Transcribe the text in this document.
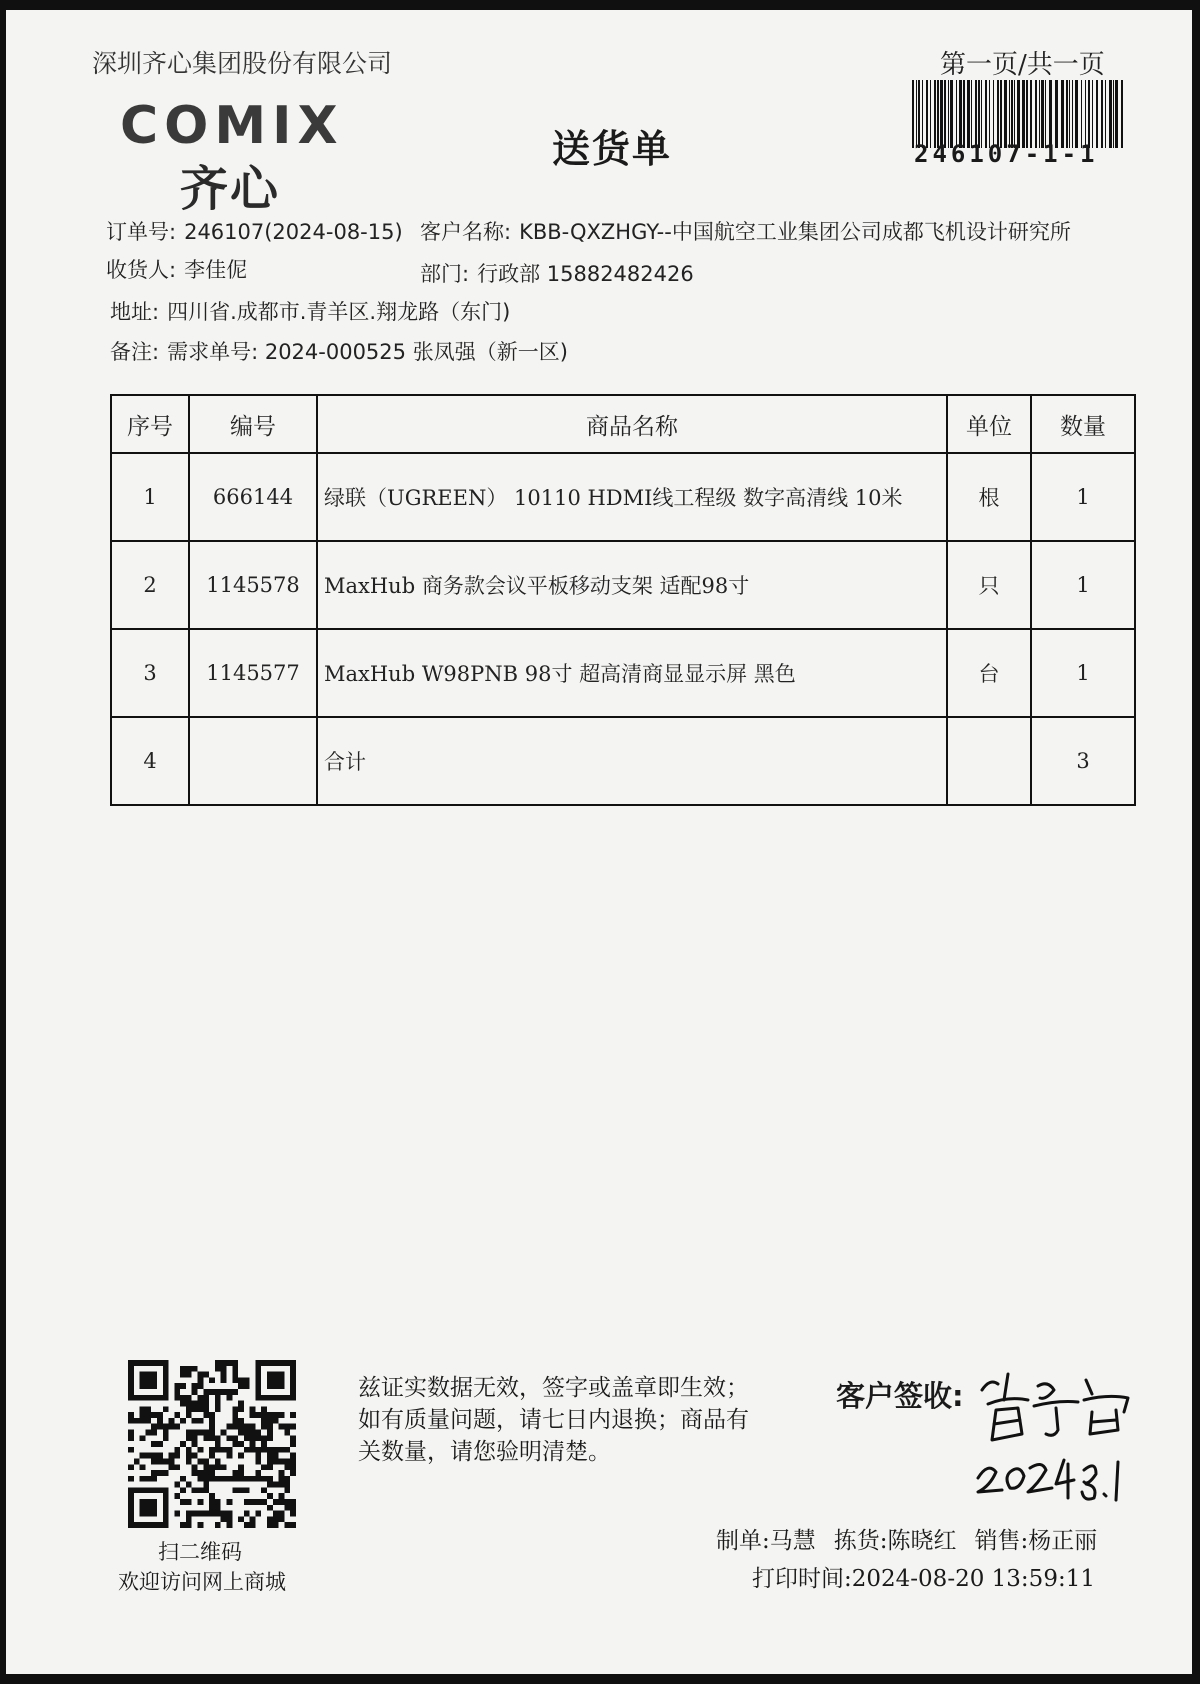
深圳齐心集团股份有限公司	第一页/共一页
246107-1-1
COMIX
齐心
送货单
订单号: 246107(2024-08-15) 客户名称: KBB-QXZHGY--中国航空工业集团公司成都飞机设计研究所
收货人: 李佳伲	部门: 行政部 15882482426
地址: 四川省.成都市.青羊区.翔龙路（东门)
备注: 需求单号: 2024-000525 张凤强（新一区)
序号	编号	商品名称	单位	数量
1	666144	绿联（UGREEN） 10110 HDMI线工程级 数字高清线 10米	根	1
2	1145578	MaxHub 商务款会议平板移动支架 适配98寸	只	1
3	1145577	MaxHub W98PNB 98寸 超高清商显显示屏 黑色	台	1
4		合计		3
扫二维码
欢迎访问网上商城
兹证实数据无效，签字或盖章即生效；如有质量问题，请七日内退换；商品有关数量，请您验明清楚。
客户签收:
制单:马慧 拣货:陈晓红 销售:杨正丽
打印时间:2024-08-20 13:59:11
